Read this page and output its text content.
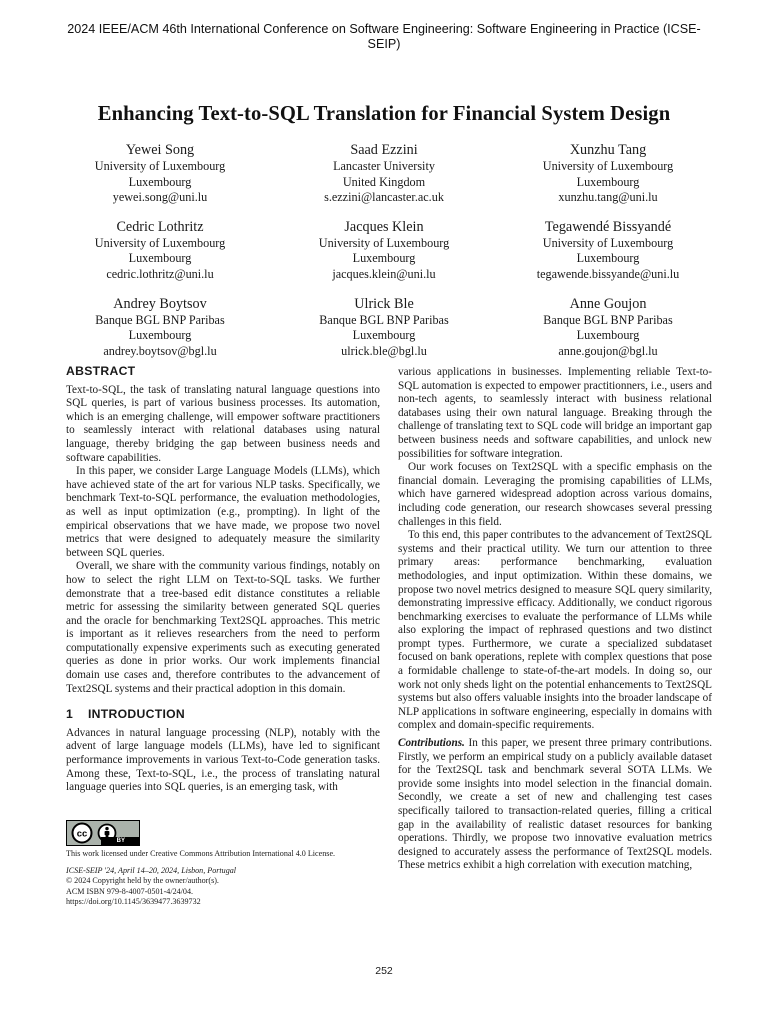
2024 IEEE/ACM 46th International Conference on Software Engineering: Software Engineering in Practice (ICSE-SEIP)
Enhancing Text-to-SQL Translation for Financial System Design
Yewei Song
University of Luxembourg
Luxembourg
yewei.song@uni.lu
Saad Ezzini
Lancaster University
United Kingdom
s.ezzini@lancaster.ac.uk
Xunzhu Tang
University of Luxembourg
Luxembourg
xunzhu.tang@uni.lu
Cedric Lothritz
University of Luxembourg
Luxembourg
cedric.lothritz@uni.lu
Jacques Klein
University of Luxembourg
Luxembourg
jacques.klein@uni.lu
Tegawendé Bissyandé
University of Luxembourg
Luxembourg
tegawende.bissyande@uni.lu
Andrey Boytsov
Banque BGL BNP Paribas
Luxembourg
andrey.boytsov@bgl.lu
Ulrick Ble
Banque BGL BNP Paribas
Luxembourg
ulrick.ble@bgl.lu
Anne Goujon
Banque BGL BNP Paribas
Luxembourg
anne.goujon@bgl.lu
ABSTRACT

Text-to-SQL, the task of translating natural language questions into SQL queries, is part of various business processes. Its automation, which is an emerging challenge, will empower software practitioners to seamlessly interact with relational databases using natural language, thereby bridging the gap between business needs and software capabilities.

In this paper, we consider Large Language Models (LLMs), which have achieved state of the art for various NLP tasks. Specifically, we benchmark Text-to-SQL performance, the evaluation methodologies, as well as input optimization (e.g., prompting). In light of the empirical observations that we have made, we propose two novel metrics that were designed to adequately measure the similarity between SQL queries.

Overall, we share with the community various findings, notably on how to select the right LLM on Text-to-SQL tasks. We further demonstrate that a tree-based edit distance constitutes a reliable metric for assessing the similarity between generated SQL queries and the oracle for benchmarking Text2SQL approaches. This metric is important as it relieves researchers from the need to perform computationally expensive experiments such as executing generated queries as done in prior works. Our work implements financial domain use cases and, therefore contributes to the advancement of Text2SQL systems and their practical adoption in this domain.

1 INTRODUCTION

Advances in natural language processing (NLP), notably with the advent of large language models (LLMs), have led to significant performance improvements in various Text-to-Code generation tasks. Among these, Text-to-SQL, i.e., the process of translating natural language queries into SQL queries, is an emerging task, with

various applications in businesses. Implementing reliable Text-to-SQL automation is expected to empower practitionners, i.e., users and non-tech agents, to seamlessly interact with business relational databases using their own natural language. Breaking through the challenge of translating text to SQL code will bridge an important gap between business needs and software capabilities, and unlock new possibilities for software integration.

Our work focuses on Text2SQL with a specific emphasis on the financial domain. Leveraging the promising capabilities of LLMs, which have garnered widespread adoption across various domains, including code generation, our research showcases several pressing challenges in this field.

To this end, this paper contributes to the advancement of Text2SQL systems and their practical utility. We turn our attention to three primary areas: performance benchmarking, evaluation methodologies, and input optimization. Within these domains, we propose two novel metrics designed to measure SQL query similarity, demonstrating impressive efficacy. Additionally, we conduct rigorous benchmarking exercises to evaluate the performance of LLMs while also exploring the impact of rephrased questions and two distinct prompt types. Furthermore, we curate a specialized subdataset focused on bank operations, replete with complex questions that pose a formidable challenge to state-of-the-art models. In doing so, our work not only sheds light on the potential enhancements to Text2SQL systems but also offers valuable insights into the broader landscape of NLP applications in software engineering, especially in domains with complex and domain-specific requirements.

Contributions. In this paper, we present three primary contributions. Firstly, we perform an empirical study on a publicly available dataset for the Text2SQL task and benchmark several SOTA LLMs. We provide some insights into model selection in the financial domain. Secondly, we create a set of new and challenging test cases specifically tailored to transaction-related queries, filling a critical gap in the availability of realistic dataset resources for banking operations. Thirdly, we propose two innovative evaluation metrics designed to accurately assess the performance of Text2SQL models. These metrics exhibit a high correlation with execution matching,

cc
BY
This work licensed under Creative Commons Attribution International 4.0 License.
ICSE-SEIP '24, April 14–20, 2024, Lisbon, Portugal
© 2024 Copyright held by the owner/author(s).
ACM ISBN 979-8-4007-0501-4/24/04.
https://doi.org/10.1145/3639477.3639732
252
